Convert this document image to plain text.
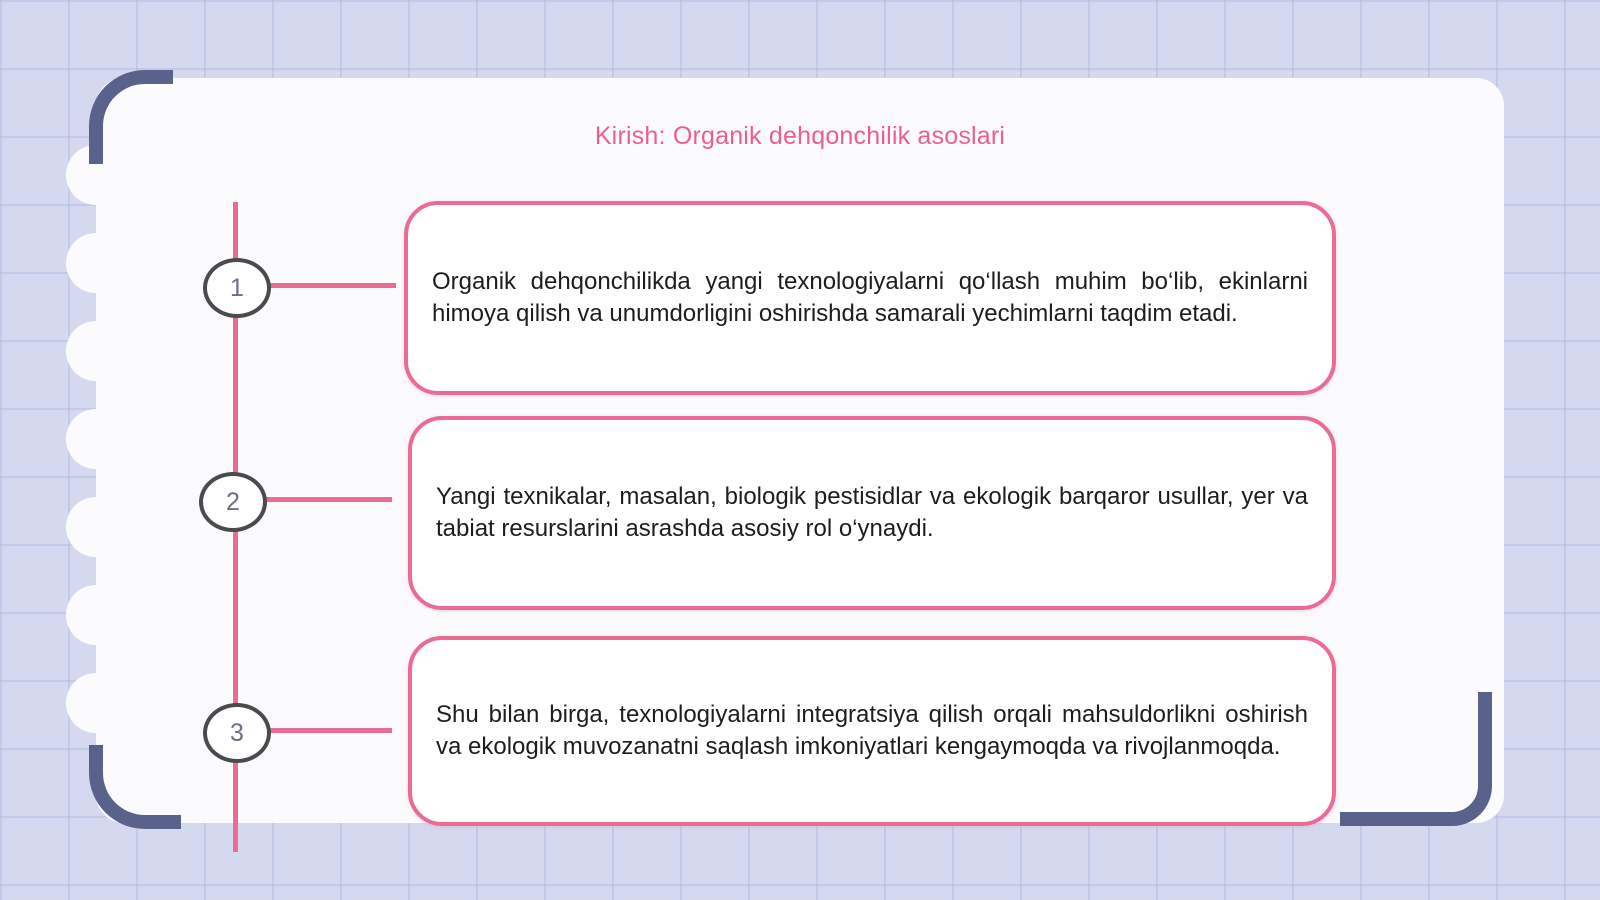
Kirish: Organik dehqonchilik asoslari
1	Organik dehqonchilikda yangi texnologiyalarni qo‘llash muhim bo‘lib, ekinlarni himoya qilish va unumdorligini oshirishda samarali yechimlarni taqdim etadi.

2	Yangi texnikalar, masalan, biologik pestisidlar va ekologik barqaror usullar, yer va tabiat resurslarini asrashda asosiy rol o‘ynaydi.

3

Shu bilan birga, texnologiyalarni integratsiya qilish orqali mahsuldorlikni oshirish va ekologik muvozanatni saqlash imkoniyatlari kengaymoqda va rivojlanmoqda.
